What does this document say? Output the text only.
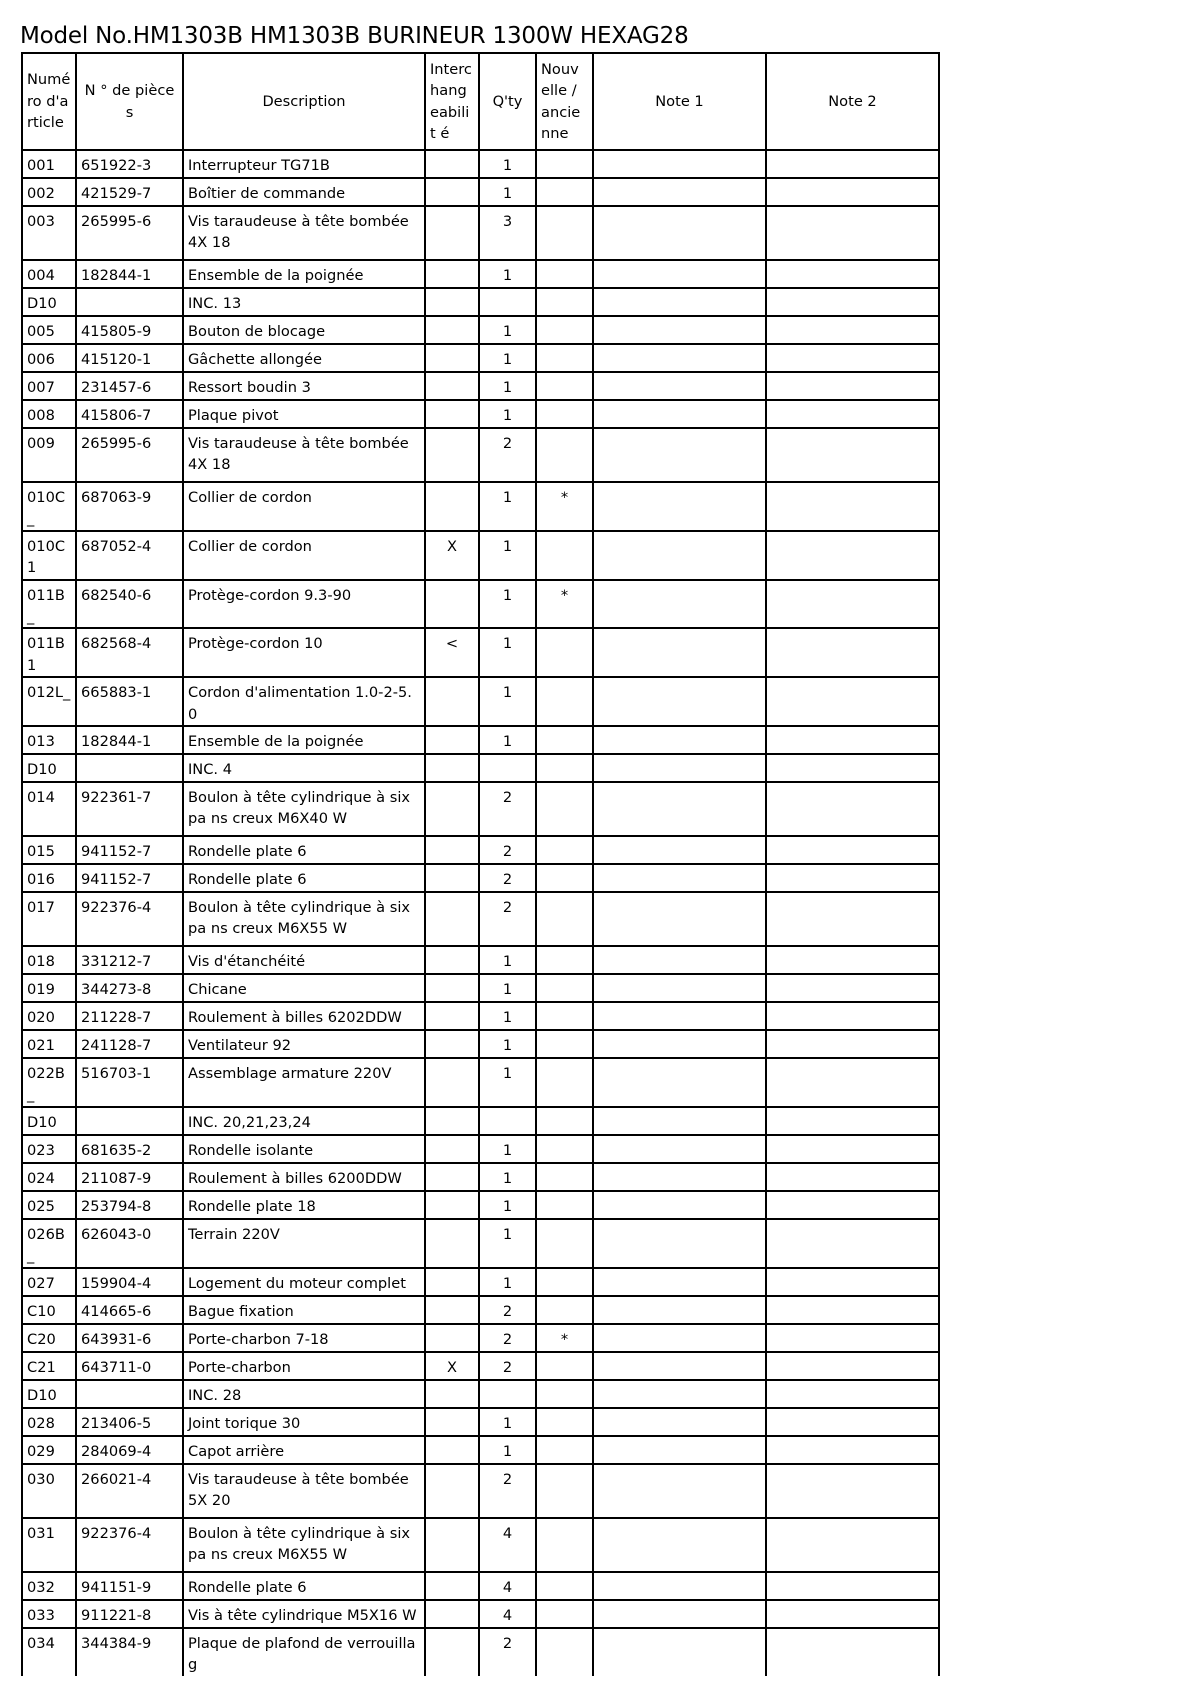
Model No.HM1303B HM1303B BURINEUR 1300W HEXAG28
Numé ro d'a rticle	N ° de pièces	Description	Interc hang eabilit é	Q'ty	Nouv elle / ancie nne	Note 1	Note 2
001	651922-3	Interrupteur TG71B		1			
002	421529-7	Boîtier de commande		1			
003	265995-6	Vis taraudeuse à tête bombée 4X 18		3			
004	182844-1	Ensemble de la poignée		1			
D10		INC. 13					
005	415805-9	Bouton de blocage		1			
006	415120-1	Gâchette allongée		1			
007	231457-6	Ressort boudin 3		1			
008	415806-7	Plaque pivot		1			
009	265995-6	Vis taraudeuse à tête bombée 4X 18		2			
010C_	687063-9	Collier de cordon		1	*		
010C1	687052-4	Collier de cordon	X	1			
011B_	682540-6	Protège-cordon 9.3-90		1	*		
011B1	682568-4	Protège-cordon 10	<	1			
012L_	665883-1	Cordon d'alimentation 1.0-2-5.0		1			
013	182844-1	Ensemble de la poignée		1			
D10		INC. 4					
014	922361-7	Boulon à tête cylindrique à six pa ns creux M6X40 W		2			
015	941152-7	Rondelle plate 6		2			
016	941152-7	Rondelle plate 6		2			
017	922376-4	Boulon à tête cylindrique à six pa ns creux M6X55 W		2			
018	331212-7	Vis d'étanchéité		1			
019	344273-8	Chicane		1			
020	211228-7	Roulement à billes 6202DDW		1			
021	241128-7	Ventilateur 92		1			
022B_	516703-1	Assemblage armature 220V		1			
D10		INC. 20,21,23,24					
023	681635-2	Rondelle isolante		1			
024	211087-9	Roulement à billes 6200DDW		1			
025	253794-8	Rondelle plate 18		1			
026B_	626043-0	Terrain 220V		1			
027	159904-4	Logement du moteur complet		1			
C10	414665-6	Bague fixation		2			
C20	643931-6	Porte-charbon 7-18		2	*		
C21	643711-0	Porte-charbon	X	2			
D10		INC. 28					
028	213406-5	Joint torique 30		1			
029	284069-4	Capot arrière		1			
030	266021-4	Vis taraudeuse à tête bombée 5X 20		2			
031	922376-4	Boulon à tête cylindrique à six pa ns creux M6X55 W		4			
032	941151-9	Rondelle plate 6		4			
033	911221-8	Vis à tête cylindrique M5X16 W		4			
034	344384-9	Plaque de plafond de verrouillag		2			
